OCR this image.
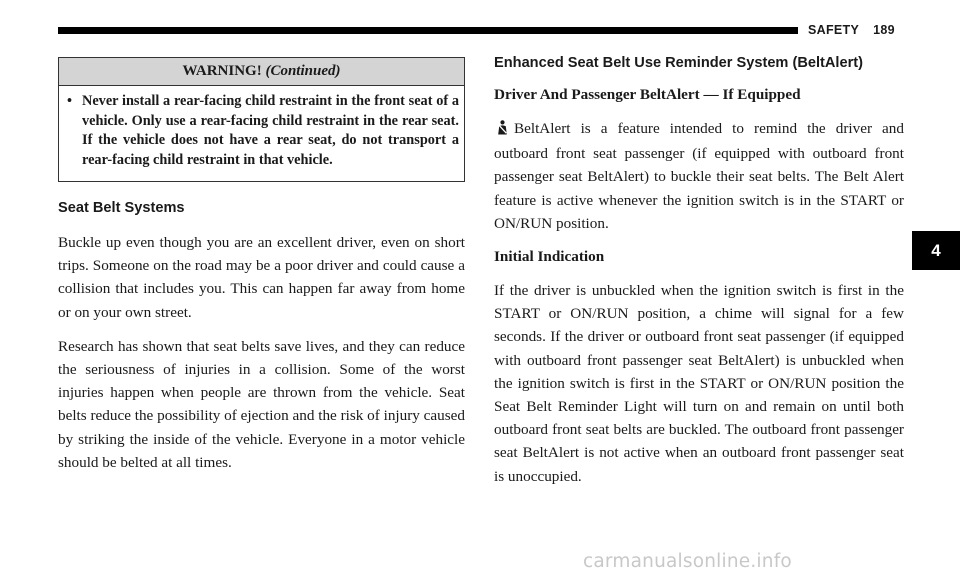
SAFETY 189
WARNING! (Continued)
• Never install a rear-facing child restraint in the front seat of a vehicle. Only use a rear-facing child restraint in the rear seat. If the vehicle does not have a rear seat, do not transport a rear-facing child restraint in that vehicle.
Seat Belt Systems

Buckle up even though you are an excellent driver, even on short trips. Someone on the road may be a poor driver and could cause a collision that includes you. This can happen far away from home or on your own street.

Research has shown that seat belts save lives, and they can reduce the seriousness of injuries in a collision. Some of the worst injuries happen when people are thrown from the vehicle. Seat belts reduce the possibility of ejection and the risk of injury caused by striking the inside of the vehicle. Everyone in a motor vehicle should be belted at all times.

Enhanced Seat Belt Use Reminder System (BeltAlert)
Driver And Passenger BeltAlert — If Equipped

BeltAlert is a feature intended to remind the driver and outboard front seat passenger (if equipped with outboard front passenger seat BeltAlert) to buckle their seat belts. The Belt Alert feature is active whenever the ignition switch is in the START or ON/RUN position.

Initial Indication

If the driver is unbuckled when the ignition switch is first in the START or ON/RUN position, a chime will signal for a few seconds. If the driver or outboard front seat passenger (if equipped with outboard front passenger seat BeltAlert) is unbuckled when the ignition switch is first in the START or ON/RUN position the Seat Belt Reminder Light will turn on and remain on until both outboard front seat belts are buckled. The outboard front passenger seat BeltAlert is not active when an outboard front passenger seat is unoccupied.

4
carmanualsonline.info
